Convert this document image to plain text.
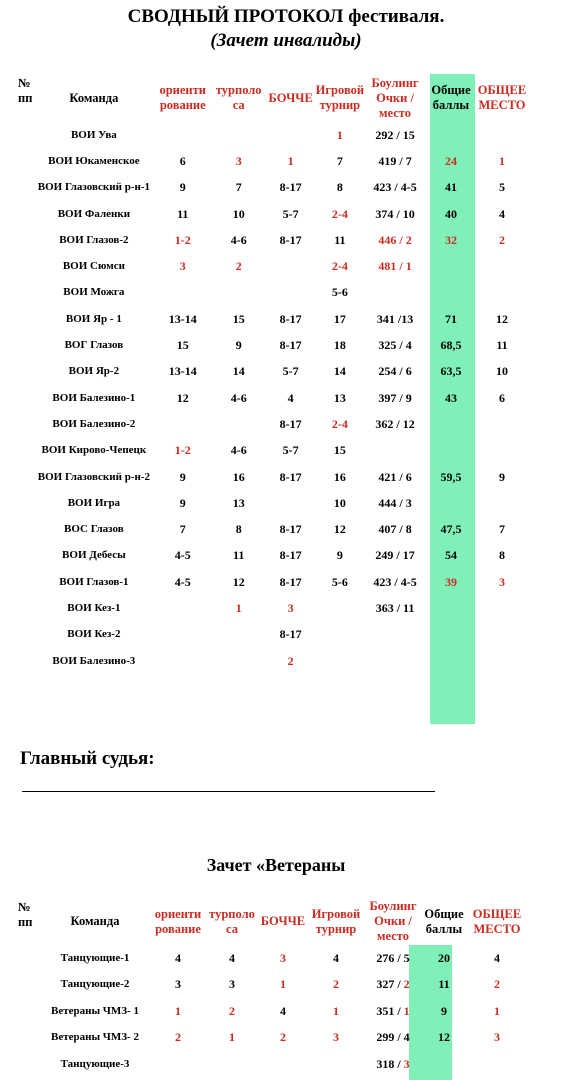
СВОДНЫЙ ПРОТОКОЛ фестиваля.
(Зачет инвалиды)
№ пп	Команда	ориенти рование	турполо са	БОЧЧЕ	Игровой турнир	Боулинг Очки / место	Общие баллы	ОБЩЕЕ МЕСТО
	ВОИ Ува				1	292 / 15		
	ВОИ Юкаменское	6	3	1	7	419 / 7	24	1
	ВОИ Глазовский р-н-1	9	7	8-17	8	423 / 4-5	41	5
	ВОИ Фаленки	11	10	5-7	2-4	374 / 10	40	4
	ВОИ Глазов-2	1-2	4-6	8-17	11	446 / 2	32	2
	ВОИ Сюмси	3	2		2-4	481 / 1		
	ВОИ Можга				5-6			
	ВОИ Яр - 1	13-14	15	8-17	17	341 /13	71	12
	ВОГ Глазов	15	9	8-17	18	325 / 4	68,5	11
	ВОИ Яр-2	13-14	14	5-7	14	254 / 6	63,5	10
	ВОИ Балезино-1	12	4-6	4	13	397 / 9	43	6
	ВОИ Балезино-2			8-17	2-4	362 / 12		
	ВОИ Кирово-Чепецк	1-2	4-6	5-7	15			
	ВОИ Глазовский р-н-2	9	16	8-17	16	421 / 6	59,5	9
	ВОИ Игра	9	13		10	444 / 3		
	ВОС Глазов	7	8	8-17	12	407 / 8	47,5	7
	ВОИ Дебесы	4-5	11	8-17	9	249 / 17	54	8
	ВОИ Глазов-1	4-5	12	8-17	5-6	423 / 4-5	39	3
	ВОИ Кез-1		1	3		363 / 11		
	ВОИ Кез-2			8-17				
	ВОИ Балезино-3			2				
Главный судья:
Зачет «Ветераны
№ пп	Команда	ориенти рование	турполо са	БОЧЧЕ	Игровой турнир	Боулинг Очки / место	Общие баллы	ОБЩЕЕ МЕСТО
	Танцующие-1	4	4	3	4	276 / 5	20	4
	Танцующие-2	3	3	1	2	327 / 2	11	2
	Ветераны ЧМЗ- 1	1	2	4	1	351 / 1	9	1
	Ветераны ЧМЗ- 2	2	1	2	3	299 / 4	12	3
	Танцующие-3					318 / 3		
